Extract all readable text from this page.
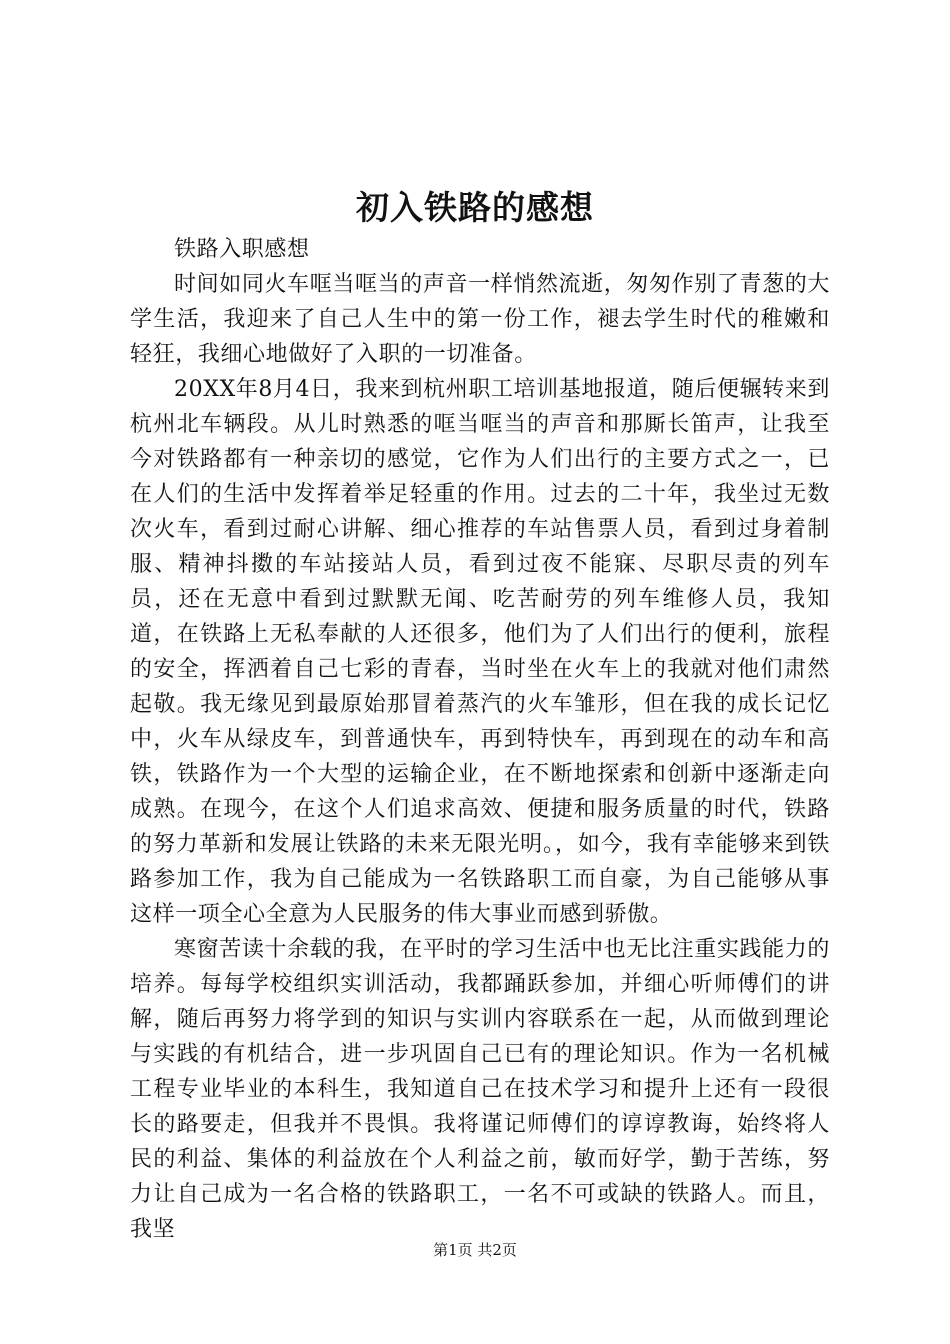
初入铁路的感想

铁路入职感想

时间如同火车哐当哐当的声音一样悄然流逝，匆匆作别了青葱的大学生活，我迎来了自己人生中的第一份工作，褪去学生时代的稚嫩和轻狂，我细心地做好了入职的一切准备。

20XX年8月4日，我来到杭州职工培训基地报道，随后便辗转来到杭州北车辆段。从儿时熟悉的哐当哐当的声音和那厮长笛声，让我至今对铁路都有一种亲切的感觉，它作为人们出行的主要方式之一，已在人们的生活中发挥着举足轻重的作用。过去的二十年，我坐过无数次火车，看到过耐心讲解、细心推荐的车站售票人员，看到过身着制服、精神抖擞的车站接站人员，看到过夜不能寐、尽职尽责的列车员，还在无意中看到过默默无闻、吃苦耐劳的列车维修人员，我知道，在铁路上无私奉献的人还很多，他们为了人们出行的便利，旅程的安全，挥洒着自己七彩的青春，当时坐在火车上的我就对他们肃然起敬。我无缘见到最原始那冒着蒸汽的火车雏形，但在我的成长记忆中，火车从绿皮车，到普通快车，再到特快车，再到现在的动车和高铁，铁路作为一个大型的运输企业，在不断地探索和创新中逐渐走向成熟。在现今，在这个人们追求高效、便捷和服务质量的时代，铁路的努力革新和发展让铁路的未来无限光明。，如今，我有幸能够来到铁路参加工作，我为自己能成为一名铁路职工而自豪，为自己能够从事这样一项全心全意为人民服务的伟大事业而感到骄傲。

寒窗苦读十余载的我，在平时的学习生活中也无比注重实践能力的培养。每每学校组织实训活动，我都踊跃参加，并细心听师傅们的讲解，随后再努力将学到的知识与实训内容联系在一起，从而做到理论与实践的有机结合，进一步巩固自己已有的理论知识。作为一名机械工程专业毕业的本科生，我知道自己在技术学习和提升上还有一段很长的路要走，但我并不畏惧。我将谨记师傅们的谆谆教诲，始终将人民的利益、集体的利益放在个人利益之前，敏而好学，勤于苦练，努力让自己成为一名合格的铁路职工，一名不可或缺的铁路人。而且，我坚

第1页 共2页
